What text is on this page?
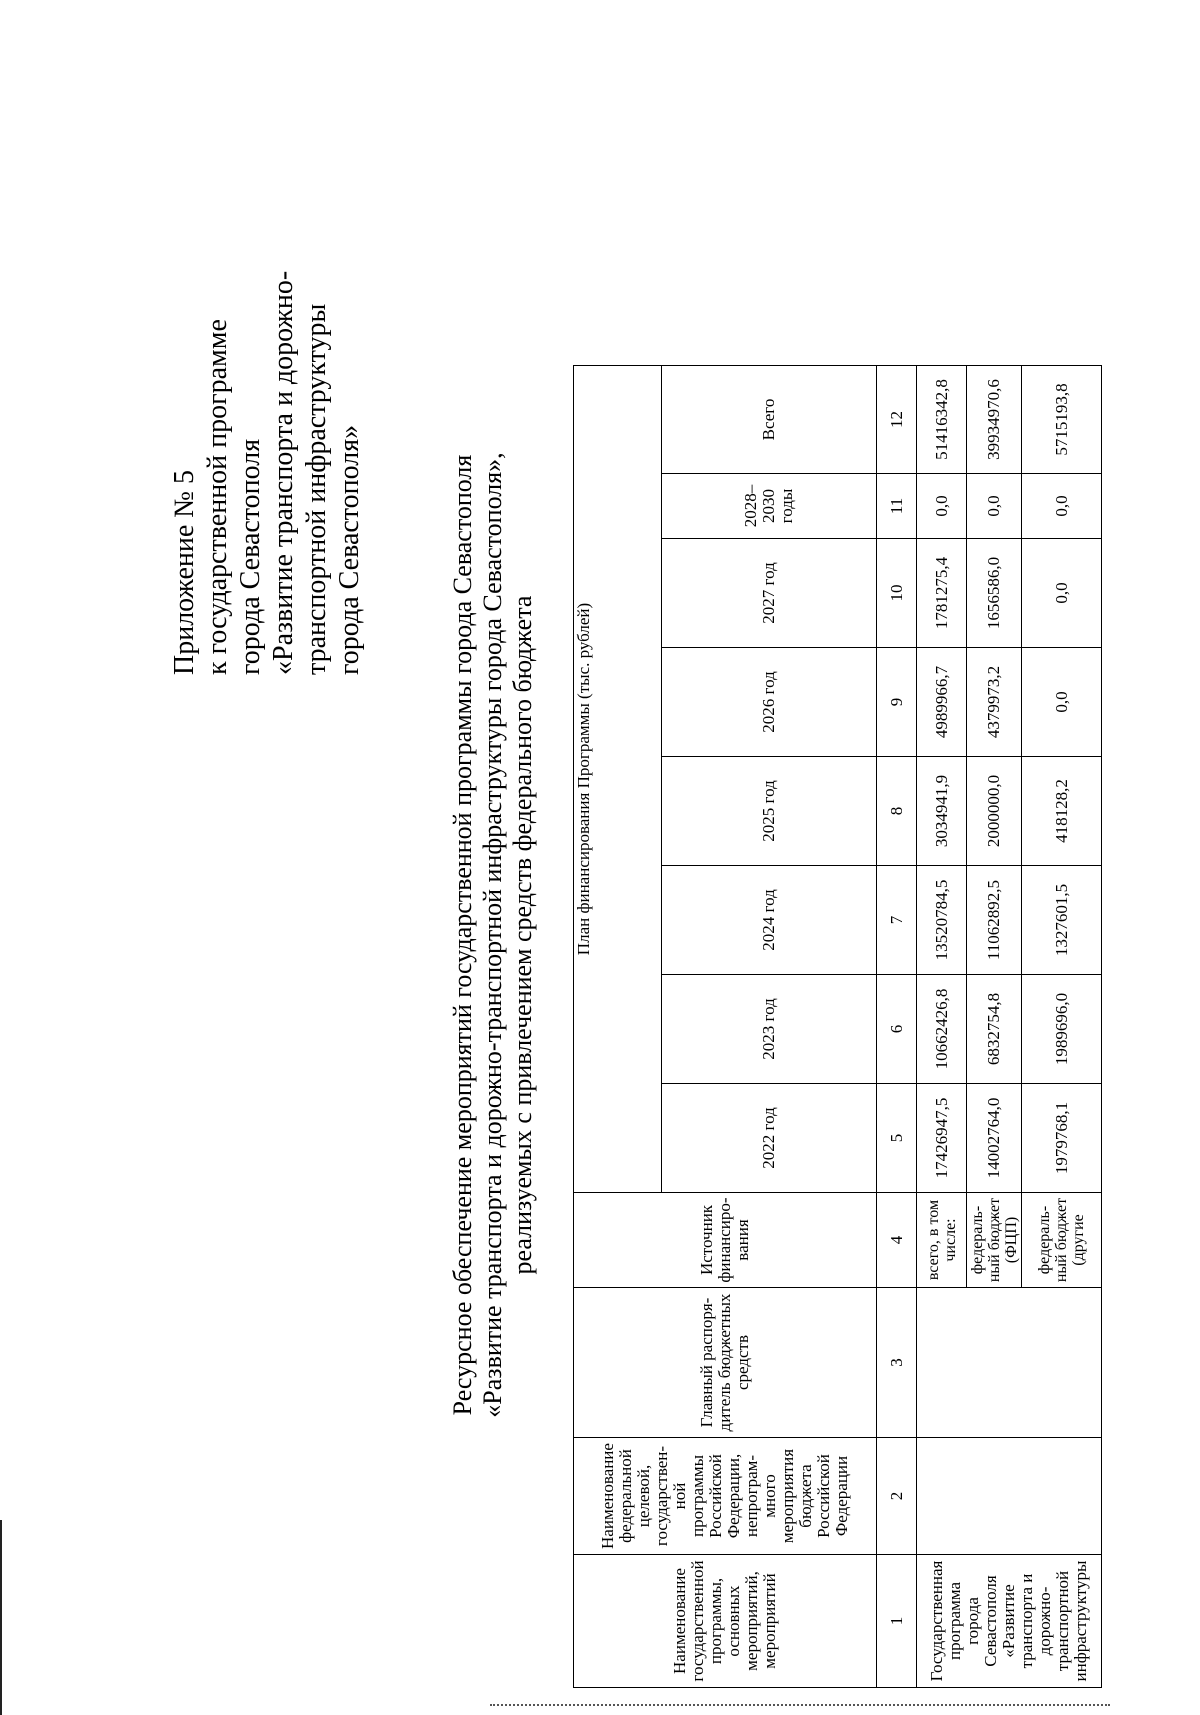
Приложение № 5 к государственной программе города Севастополя «Развитие транспорта и дорожно- транспортной инфраструктуры города Севастополя»	Ресурсное обеспечение мероприятий государственной программы города Севастополя «Развитие транспорта и дорожно-транспортной инфраструктуры города Севастополя», реализуемых с привлечением средств федерального бюджета
Наименование государственной программы, основных мероприятий, мероприятий	Наименование федеральной целевой, государствен-ной программы Российской Федерации, непрограм-много мероприятия бюджета Российской Федерации	Главный распоря-дитель бюджетных средств	Источник финансиро-вания	План финансирования Программы (тыс. рублей)							
				2022 год	2023 год	2024 год	2025 год	2026 год	2027 год	2028–2030 годы	Всего
1	2	3	4	5	6	7	8	9	10	11	12
Государственная программа города Севастополя «Развитие транспорта и дорожно-транспортной инфраструктуры			всего, в том числе:	17426947,5	10662426,8	13520784,5	3034941,9	4989966,7	1781275,4	0,0	51416342,8
			федераль-ный бюджет (ФЦП)	14002764,0	6832754,8	11062892,5	2000000,0	4379973,2	1656586,0	0,0	39934970,6
			федераль-ный бюджет (другие	1979768,1	1989696,0	1327601,5	418128,2	0,0	0,0	0,0	5715193,8
